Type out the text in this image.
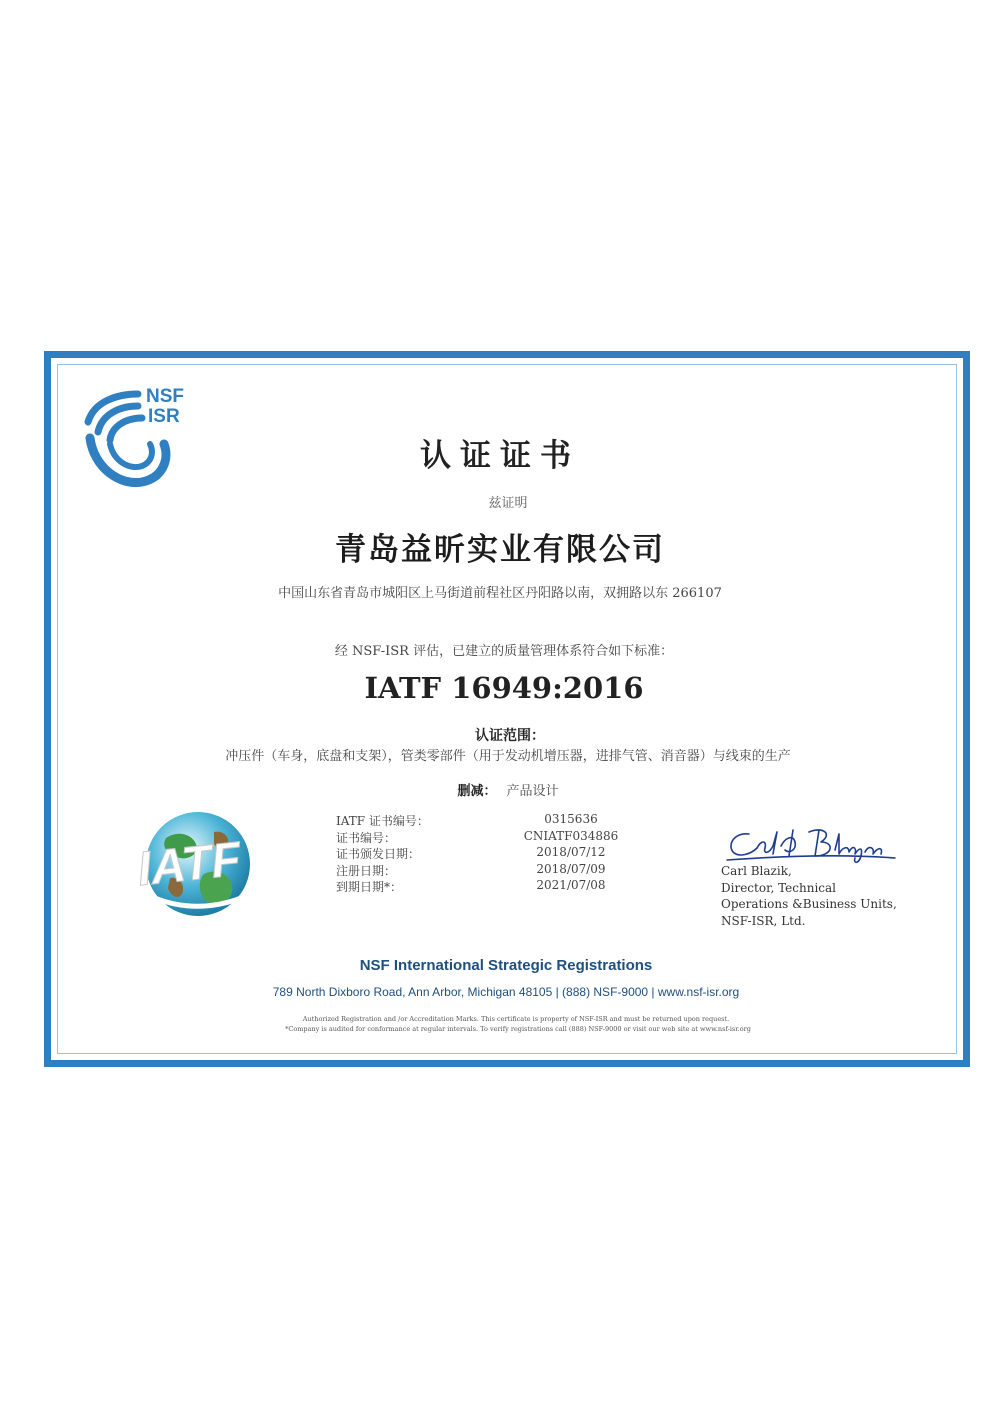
NSF
ISR
认证证书
兹证明
青岛益昕实业有限公司
中国山东省青岛市城阳区上马街道前程社区丹阳路以南，双拥路以东 266107
经 NSF-ISR 评估，已建立的质量管理体系符合如下标准：
IATF 16949:2016
认证范围：
冲压件（车身，底盘和支架），管类零部件（用于发动机增压器，进排气管、消音器）与线束的生产
删减： 产品设计
IATF
IATF 证书编号：	0315636
证书编号：	CNIATF034886
证书颁发日期：	2018/07/12
注册日期：	2018/07/09
到期日期*：	2021/07/08
Carl Blazik,
Director, Technical
Operations &Business Units,
NSF-ISR, Ltd.
NSF International Strategic Registrations
789 North Dixboro Road, Ann Arbor, Michigan 48105 | (888) NSF-9000 | www.nsf-isr.org
Authorized Registration and /or Accreditation Marks. This certificate is property of NSF-ISR and must be returned upon request.
*Company is audited for conformance at regular intervals. To verify registrations call (888) NSF-9000 or visit our web site at www.nsf-isr.org
